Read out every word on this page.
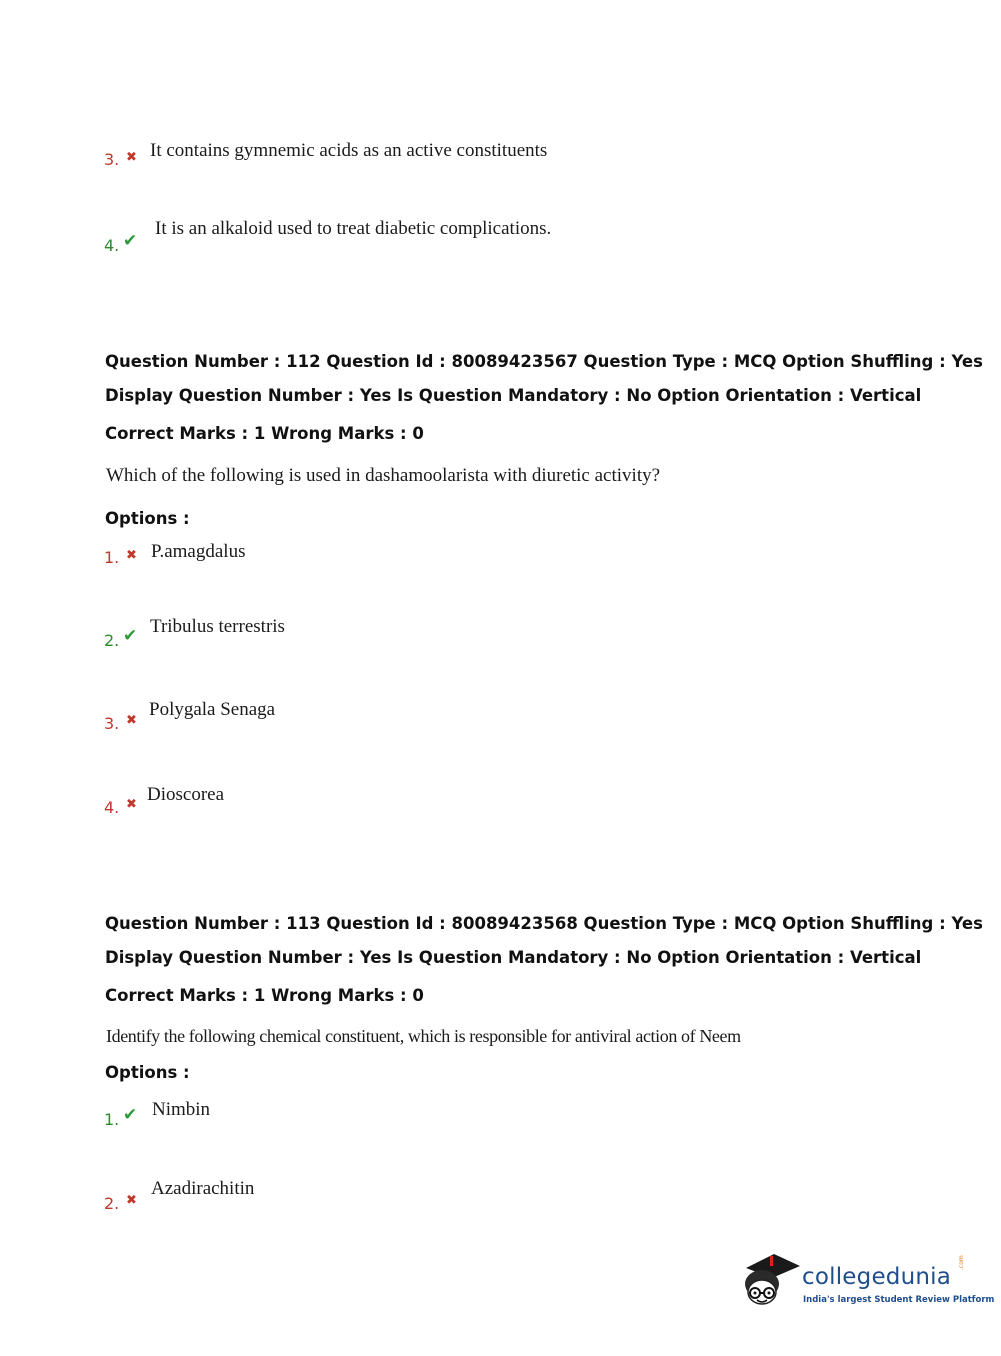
3. ✖ It contains gymnemic acids as an active constituents
4. ✔
It is an alkaloid used to treat diabetic complications.
Question Number : 112 Question Id : 80089423567 Question Type : MCQ Option Shuffling : Yes
Display Question Number : Yes Is Question Mandatory : No Option Orientation : Vertical
Correct Marks : 1 Wrong Marks : 0
Which of the following is used in dashamoolarista with diuretic activity?
Options :
1. ✖ P.amagdalus
2. ✔ Tribulus terrestris
3. ✖
Polygala Senaga
4. ✖ Dioscorea
Question Number : 113 Question Id : 80089423568 Question Type : MCQ Option Shuffling : Yes
Display Question Number : Yes Is Question Mandatory : No Option Orientation : Vertical
Correct Marks : 1 Wrong Marks : 0
Identify the following chemical constituent, which is responsible for antiviral action of Neem
Options :
1. ✔ Nimbin
2. ✖
Azadirachitin
collegedunia
.com
India's largest Student Review Platform
